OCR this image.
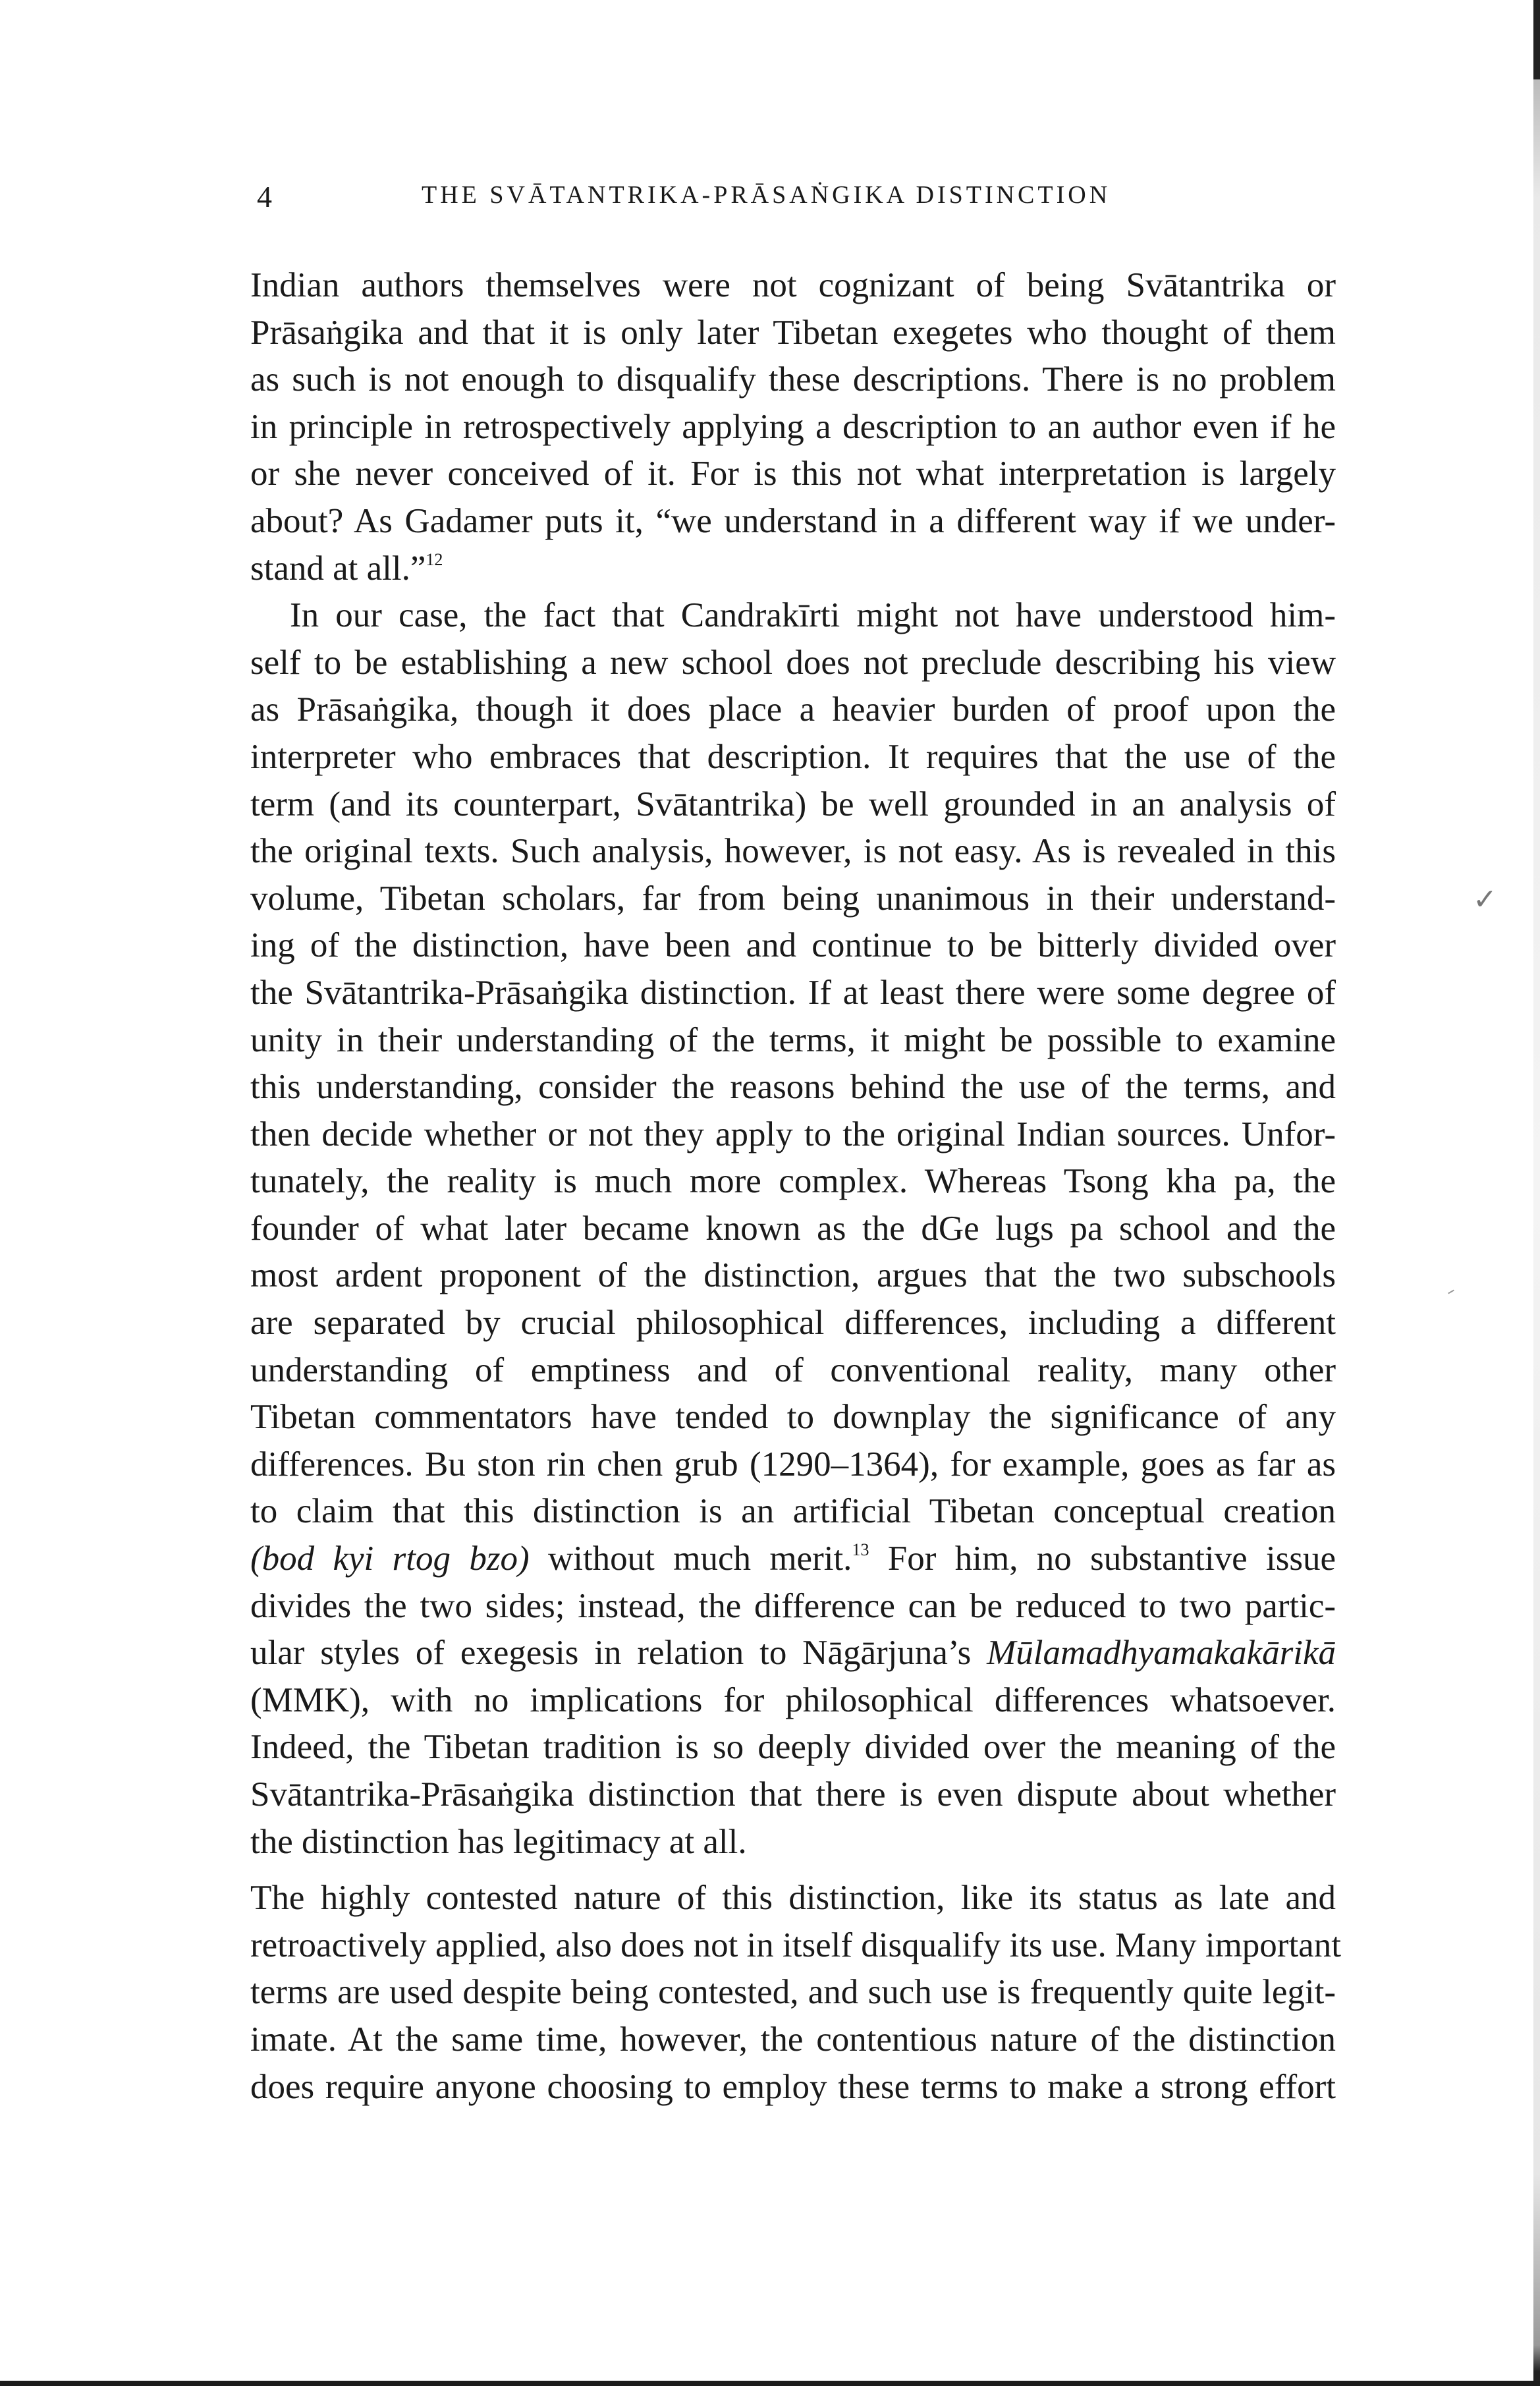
4	THE SVĀTANTRIKA-PRĀSAṄGIKA DISTINCTION
Indian authors themselves were not cognizant of being Svātantrika or
Prāsaṅgika and that it is only later Tibetan exegetes who thought of them
as such is not enough to disqualify these descriptions. There is no problem
in principle in retrospectively applying a description to an author even if he
or she never conceived of it. For is this not what interpretation is largely
about? As Gadamer puts it, “we understand in a different way if we under-
stand at all.”$^{12}$
In our case, the fact that Candrakīrti might not have understood him-
self to be establishing a new school does not preclude describing his view
as Prāsaṅgika, though it does place a heavier burden of proof upon the
interpreter who embraces that description. It requires that the use of the
term (and its counterpart, Svātantrika) be well grounded in an analysis of
the original texts. Such analysis, however, is not easy. As is revealed in this
volume, Tibetan scholars, far from being unanimous in their understand-
ing of the distinction, have been and continue to be bitterly divided over
the Svātantrika-Prāsaṅgika distinction. If at least there were some degree of
unity in their understanding of the terms, it might be possible to examine
this understanding, consider the reasons behind the use of the terms, and
then decide whether or not they apply to the original Indian sources. Unfor-
tunately, the reality is much more complex. Whereas Tsong kha pa, the
founder of what later became known as the dGe lugs pa school and the
most ardent proponent of the distinction, argues that the two subschools
are separated by crucial philosophical differences, including a different
understanding of emptiness and of conventional reality, many other
Tibetan commentators have tended to downplay the significance of any
differences. Bu ston rin chen grub (1290–1364), for example, goes as far as
to claim that this distinction is an artificial Tibetan conceptual creation
(bod kyi rtog bzo) without much merit.$^{13}$ For him, no substantive issue
divides the two sides; instead, the difference can be reduced to two partic-
ular styles of exegesis in relation to Nāgārjuna’s Mūlamadhyamakakārikā
(MMK), with no implications for philosophical differences whatsoever.
Indeed, the Tibetan tradition is so deeply divided over the meaning of the
Svātantrika-Prāsaṅgika distinction that there is even dispute about whether
the distinction has legitimacy at all.
The highly contested nature of this distinction, like its status as late and
retroactively applied, also does not in itself disqualify its use. Many important
terms are used despite being contested, and such use is frequently quite legit-
imate. At the same time, however, the contentious nature of the distinction
does require anyone choosing to employ these terms to make a strong effort
✓
